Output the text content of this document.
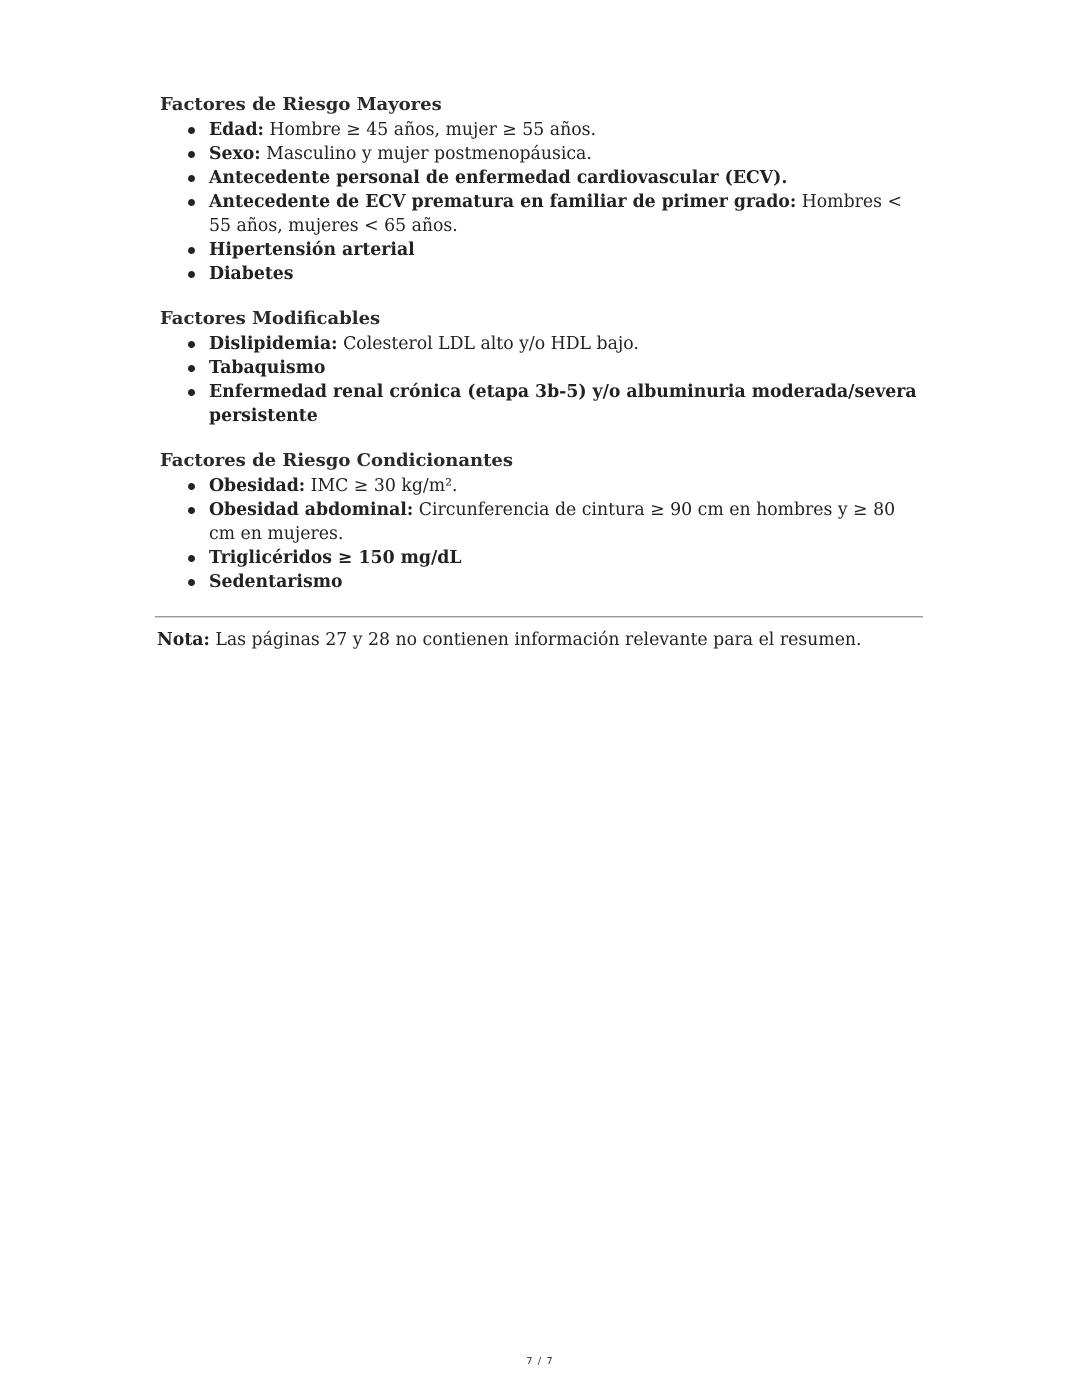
Factores de Riesgo Mayores
Edad: Hombre ≥ 45 años, mujer ≥ 55 años.
Sexo: Masculino y mujer postmenopáusica.
Antecedente personal de enfermedad cardiovascular (ECV).
Antecedente de ECV prematura en familiar de primer grado: Hombres < 55 años, mujeres < 65 años.
Hipertensión arterial
Diabetes
Factores Modificables
Dislipidemia: Colesterol LDL alto y/o HDL bajo.
Tabaquismo
Enfermedad renal crónica (etapa 3b-5) y/o albuminuria moderada/severa persistente
Factores de Riesgo Condicionantes
Obesidad: IMC ≥ 30 kg/m².
Obesidad abdominal: Circunferencia de cintura ≥ 90 cm en hombres y ≥ 80 cm en mujeres.
Triglicéridos ≥ 150 mg/dL
Sedentarismo
Nota: Las páginas 27 y 28 no contienen información relevante para el resumen.
7 / 7
